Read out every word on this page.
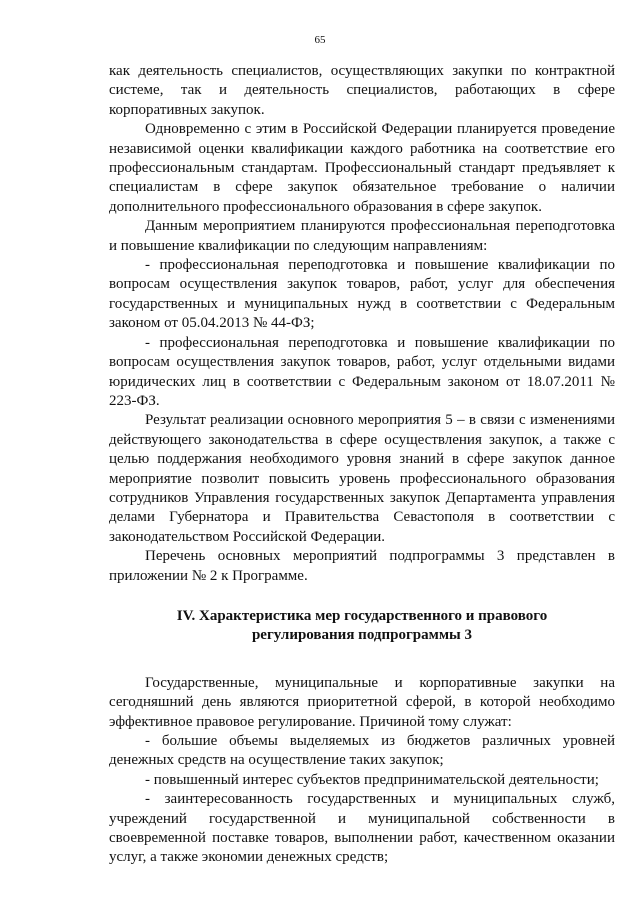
65

как деятельность специалистов, осуществляющих закупки по контрактной системе, так и деятельность специалистов, работающих в сфере корпоративных закупок.

Одновременно с этим в Российской Федерации планируется проведение независимой оценки квалификации каждого работника на соответствие его профессиональным стандартам. Профессиональный стандарт предъявляет к специалистам в сфере закупок обязательное требование о наличии дополнительного профессионального образования в сфере закупок.

Данным мероприятием планируются профессиональная переподготовка и повышение квалификации по следующим направлениям:

- профессиональная переподготовка и повышение квалификации по вопросам осуществления закупок товаров, работ, услуг для обеспечения государственных и муниципальных нужд в соответствии с Федеральным законом от 05.04.2013 № 44-ФЗ;

- профессиональная переподготовка и повышение квалификации по вопросам осуществления закупок товаров, работ, услуг отдельными видами юридических лиц в соответствии с Федеральным законом от 18.07.2011 № 223-ФЗ.

Результат реализации основного мероприятия 5 – в связи с изменениями действующего законодательства в сфере осуществления закупок, а также с целью поддержания необходимого уровня знаний в сфере закупок данное мероприятие позволит повысить уровень профессионального образования сотрудников Управления государственных закупок Департамента управления делами Губернатора и Правительства Севастополя в соответствии с законодательством Российской Федерации.

Перечень основных мероприятий подпрограммы 3 представлен в приложении № 2 к Программе.

IV. Характеристика мер государственного и правового
регулирования подпрограммы 3

Государственные, муниципальные и корпоративные закупки на сегодняшний день являются приоритетной сферой, в которой необходимо эффективное правовое регулирование. Причиной тому служат:

- большие объемы выделяемых из бюджетов различных уровней денежных средств на осуществление таких закупок;

- повышенный интерес субъектов предпринимательской деятельности;

- заинтересованность государственных и муниципальных служб, учреждений государственной и муниципальной собственности в своевременной поставке товаров, выполнении работ, качественном оказании услуг, а также экономии денежных средств;
